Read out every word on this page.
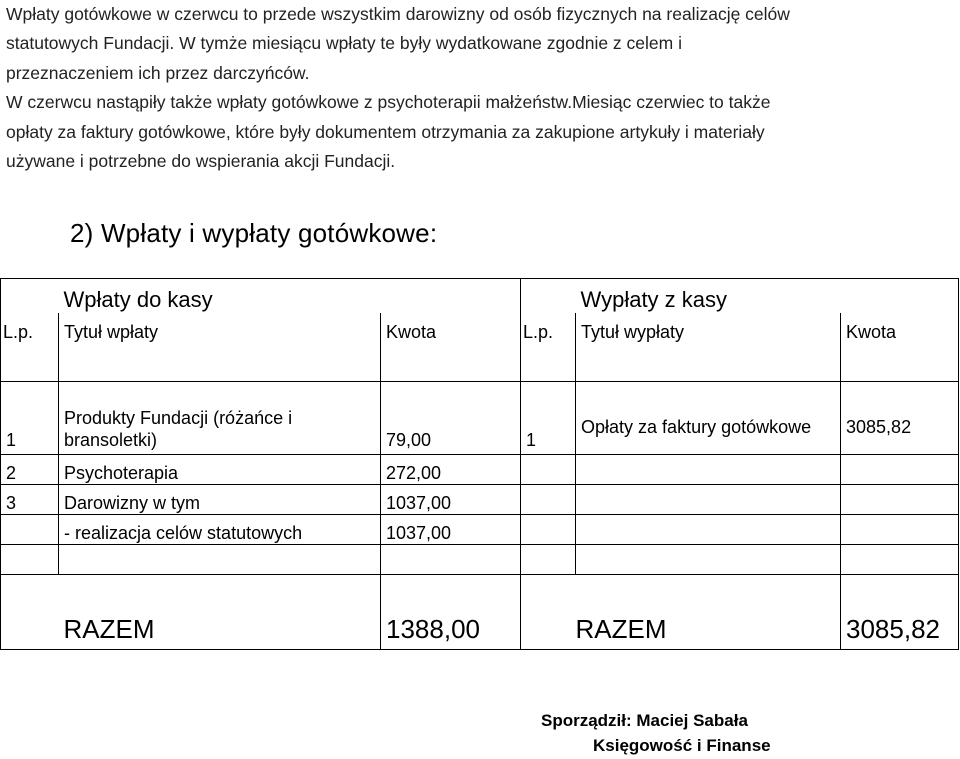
Wpłaty gotówkowe w czerwcu to przede wszystkim darowizny od osób fizycznych na realizację celów
statutowych Fundacji. W tymże miesiącu wpłaty te były wydatkowane zgodnie z celem i
przeznaczeniem ich przez darczyńców.
W czerwcu nastąpiły także wpłaty gotówkowe z psychoterapii małżeństw.Miesiąc czerwiec to także
opłaty za faktury gotówkowe, które były dokumentem otrzymania za zakupione artykuły i materiały
używane i potrzebne do wspierania akcji Fundacji.
2) Wpłaty i wypłaty gotówkowe:
	Wpłaty do kasy			Wypłaty z kasy	
L.p.	Tytuł wpłaty	Kwota	L.p.	Tytuł wypłaty	Kwota

1	Produkty Fundacji (różańce i bransoletki)	79,00	1	Opłaty za faktury gotówkowe	3085,82
2	Psychoterapia	272,00			
3	Darowizny w tym	1037,00			
	- realizacja celów statutowych	1037,00			

	RAZEM	1388,00		RAZEM	3085,82
Sporządził: Maciej Sabała
Księgowość i Finanse
